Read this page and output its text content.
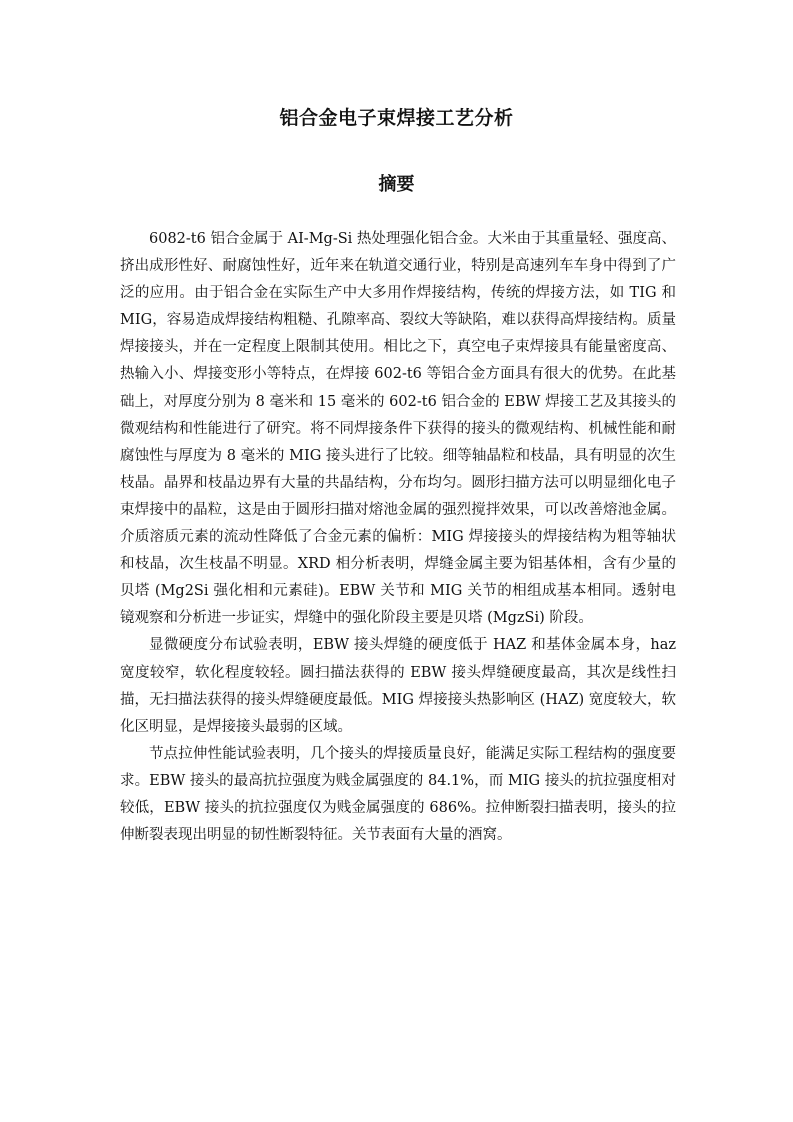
铝合金电子束焊接工艺分析
摘要

6082-t6 铝合金属于 AI-Mg-Si 热处理强化铝合金。大米由于其重量轻、强度高、挤出成形性好、耐腐蚀性好，近年来在轨道交通行业，特别是高速列车车身中得到了广泛的应用。由于铝合金在实际生产中大多用作焊接结构，传统的焊接方法，如 TIG 和 MIG，容易造成焊接结构粗糙、孔隙率高、裂纹大等缺陷，难以获得高焊接结构。质量焊接接头，并在一定程度上限制其使用。相比之下，真空电子束焊接具有能量密度高、热输入小、焊接变形小等特点，在焊接 602-t6 等铝合金方面具有很大的优势。在此基础上，对厚度分别为 8 毫米和 15 毫米的 602-t6 铝合金的 EBW 焊接工艺及其接头的微观结构和性能进行了研究。将不同焊接条件下获得的接头的微观结构、机械性能和耐腐蚀性与厚度为 8 毫米的 MIG 接头进行了比较。细等轴晶粒和枝晶，具有明显的次生枝晶。晶界和枝晶边界有大量的共晶结构，分布均匀。圆形扫描方法可以明显细化电子束焊接中的晶粒，这是由于圆形扫描对熔池金属的强烈搅拌效果，可以改善熔池金属。介质溶质元素的流动性降低了合金元素的偏析：MIG 焊接接头的焊接结构为粗等轴状和枝晶，次生枝晶不明显。XRD 相分析表明，焊缝金属主要为铝基体相，含有少量的贝塔 (Mg2Si 强化相和元素硅)。EBW 关节和 MIG 关节的相组成基本相同。透射电镜观察和分析进一步证实，焊缝中的强化阶段主要是贝塔 (MgzSi) 阶段。

显微硬度分布试验表明，EBW 接头焊缝的硬度低于 HAZ 和基体金属本身，haz 宽度较窄，软化程度较轻。圆扫描法获得的 EBW 接头焊缝硬度最高，其次是线性扫描，无扫描法获得的接头焊缝硬度最低。MIG 焊接接头热影响区 (HAZ) 宽度较大，软化区明显，是焊接接头最弱的区域。

节点拉伸性能试验表明，几个接头的焊接质量良好，能满足实际工程结构的强度要求。EBW 接头的最高抗拉强度为贱金属强度的 84.1%，而 MIG 接头的抗拉强度相对较低，EBW 接头的抗拉强度仅为贱金属强度的 686%。拉伸断裂扫描表明，接头的拉伸断裂表现出明显的韧性断裂特征。关节表面有大量的酒窝。
